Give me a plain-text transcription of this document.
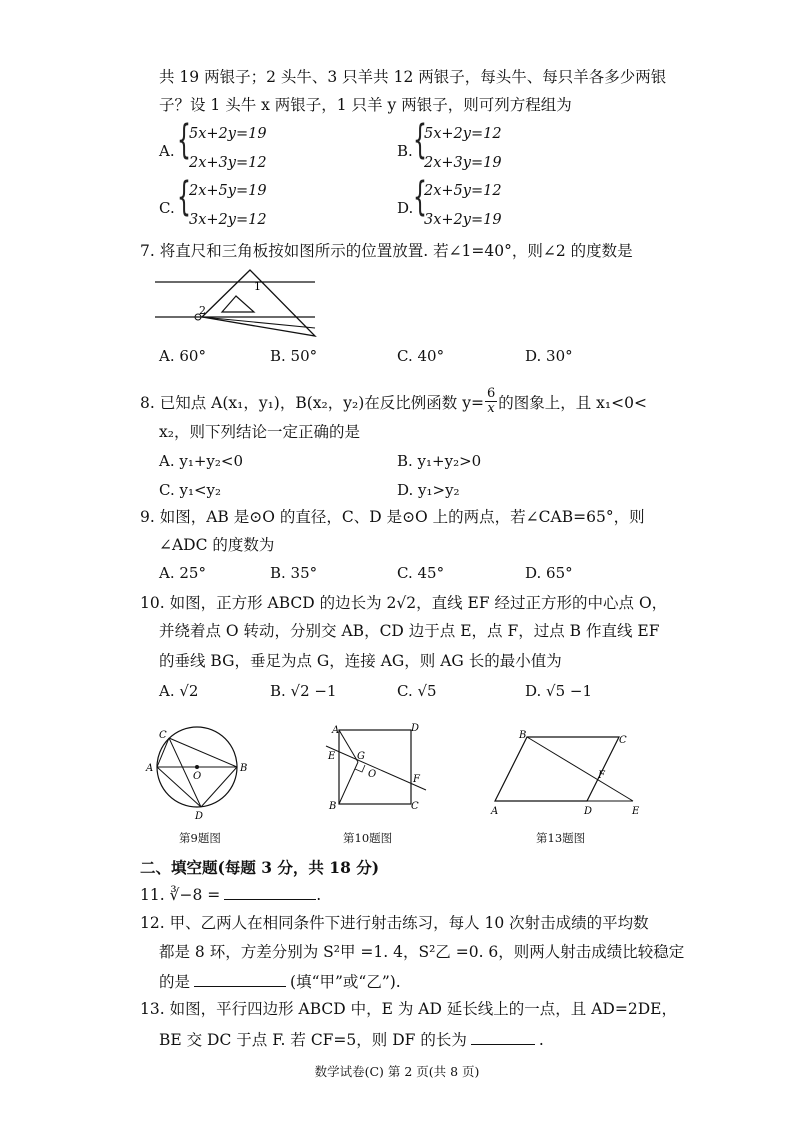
共 19 两银子；2 头牛、3 只羊共 12 两银子，每头牛、每只羊各多少两银
子？设 1 头牛 x 两银子，1 只羊 y 两银子，则可列方程组为
A. {
5x+2y=19
2x+3y=12
B. {
5x+2y=12
2x+3y=19
C. {
2x+5y=19
3x+2y=12
D. {
2x+5y=12
3x+2y=19
7. 将直尺和三角板按如图所示的位置放置. 若∠1=40°，则∠2 的度数是
1
2
A. 60°	B. 50°	C. 40°	D. 30°
8. 已知点 A(x₁，y₁)，B(x₂，y₂)在反比例函数 $y= \frac{6}{x}$ 的图象上，且 x₁<0<
x₂，则下列结论一定正确的是
A. y₁+y₂<0	B. y₁+y₂>0
C. y₁<y₂	D. y₁>y₂
9. 如图，AB 是⊙O 的直径，C、D 是⊙O 上的两点，若∠CAB=65°，则
∠ADC 的度数为
A. 25°	B. 35°	C. 45°	D. 65°
10. 如图，正方形 ABCD 的边长为 2√2，直线 EF 经过正方形的中心点 O，
并绕着点 O 转动，分别交 AB，CD 边于点 E，点 F，过点 B 作直线 EF
的垂线 BG，垂足为点 G，连接 AG，则 AG 长的最小值为
A. √2	B. √2 −1	C. √5	D. √5 −1
C
A
O
B
D
第9题图
A	D
E G
O	F
B	C
第10题图
B	C
F
A	D	E
第13题图
二、填空题(每题 3 分，共 18 分)
11. ∛−8 =	.
12. 甲、乙两人在相同条件下进行射击练习，每人 10 次射击成绩的平均数
都是 8 环，方差分别为 S²甲 =1. 4，S²乙 =0. 6，则两人射击成绩比较稳定
的是	(填“甲”或“乙”).
13. 如图，平行四边形 ABCD 中，E 为 AD 延长线上的一点，且 AD=2DE，
BE 交 DC 于点 F. 若 CF=5，则 DF 的长为	.
数学试卷(C) 第 2 页(共 8 页)
